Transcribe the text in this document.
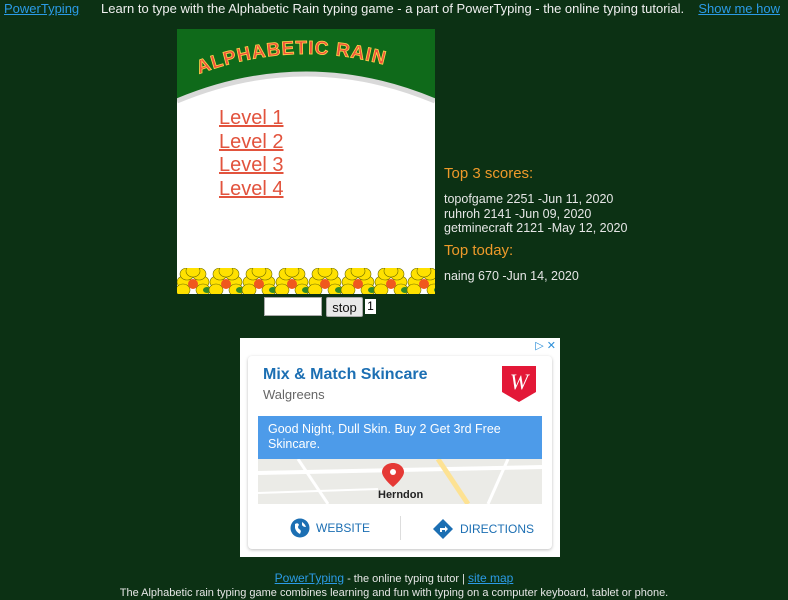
PowerTyping Learn to type with the Alphabetic Rain typing game - a part of PowerTyping - the online typing tutorial. Show me how
ALPHABETIC RAIN
Level 1
Level 2
Level 3
Level 4
stop 1

Top 3 scores:

topofgame 2251 -Jun 11, 2020
ruhroh 2141 -Jun 09, 2020
getminecraft 2121 -May 12, 2020

Top today:

naing 670 -Jun 14, 2020
▷ ✕
Mix & Match Skincare
Walgreens
W
Good Night, Dull Skin. Buy 2 Get 3rd Free Skincare.
Herndon
WEBSITE	DIRECTIONS
PowerTyping - the online typing tutor | site map
The Alphabetic rain typing game combines learning and fun with typing on a computer keyboard, tablet or phone.
